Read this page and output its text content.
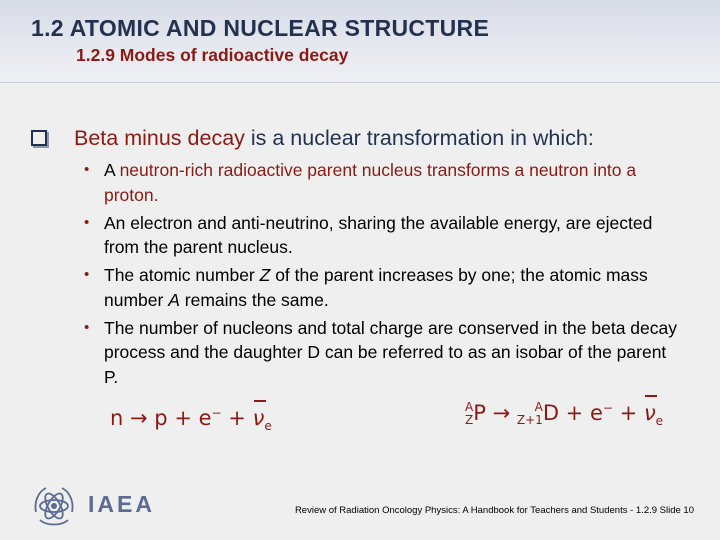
1.2 ATOMIC AND NUCLEAR STRUCTURE
1.2.9 Modes of radioactive decay
Beta minus decay is a nuclear transformation in which:
• A neutron-rich radioactive parent nucleus transforms a neutron into a proton.
• An electron and anti-neutrino, sharing the available energy, are ejected from the parent nucleus.
• The atomic number Z of the parent increases by one; the atomic mass number A remains the same.
• The number of nucleons and total charge are conserved in the beta decay process and the daughter D can be referred to as an isobar of the parent P.
$n \to p + e^- + \nu_e$
A
ZP → A
$Z+1D + e^- + \nu_e$
IAEA	Review of Radiation Oncology Physics: A Handbook for Teachers and Students - 1.2.9 Slide 10
